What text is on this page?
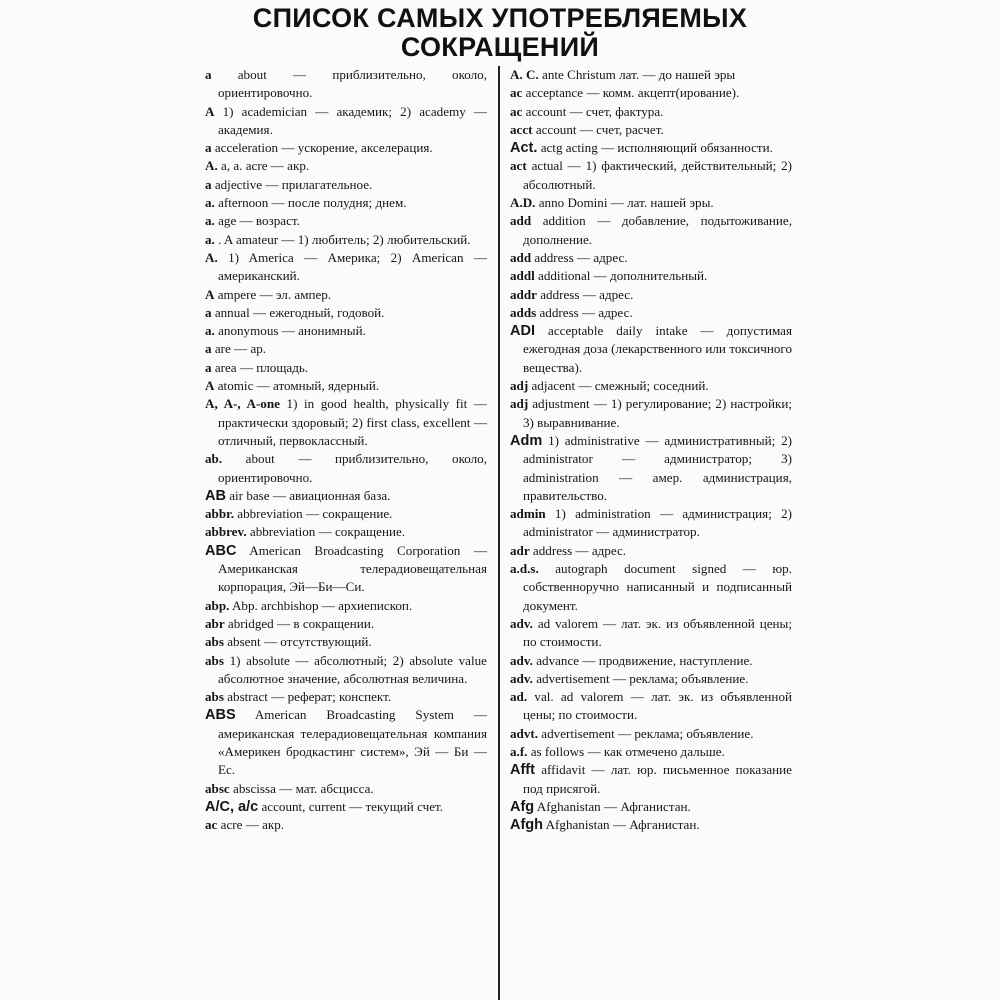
СПИСОК САМЫХ УПОТРЕБЛЯЕМЫХ
СОКРАЩЕНИЙ

a about — приблизительно, около, ориентировочно.

A 1) academician — академик; 2) academy — академия.

a acceleration — ускорение, акселерация.

A. a, a. acre — акр.

a adjective — прилагательное.

a. afternoon — после полудня; днем.

a. age — возраст.

a. . A amateur — 1) любитель; 2) любительский.

A. 1) America — Америка; 2) American — американский.

A ampere — эл. ампер.

a annual — ежегодный, годовой.

a. anonymous — анонимный.

a are — ар.

a area — площадь.

A atomic — атомный, ядерный.

A, A-, A-one 1) in good health, physically fit — практически здоровый; 2) first class, excellent — отличный, первоклассный.

ab. about — приблизительно, около, ориентировочно.

AB air base — авиационная база.

abbr. abbreviation — сокращение.

abbrev. abbreviation — сокращение.

ABC American Broadcasting Corporation — Американская телерадиовещательная корпорация, Эй—Би—Си.

abp. Abp. archbishop — архиепископ.

abr abridged — в сокращении.

abs absent — отсутствующий.

abs 1) absolute — абсолютный; 2) absolute value абсолютное значение, абсолютная величина.

abs abstract — реферат; конспект.

ABS American Broadcasting System — американская телерадиовещательная компания «Америкен бродкастинг систем», Эй — Би — Ес.

absc abscissa — мат. абсцисса.

A/C, a/c account, current — текущий счет.

ac acre — акр.

A. C. ante Christum лат. — до нашей эры

ac acceptance — комм. акцепт(ирование).

ac account — счет, фактура.

acct account — счет, расчет.

Act. actg acting — исполняющий обязанности.

act actual — 1) фактический, действительный; 2) абсолютный.

A.D. anno Domini — лат. нашей эры.

add addition — добавление, подытоживание, дополнение.

add address — адрес.

addl additional — дополнительный.

addr address — адрес.

adds address — адрес.

ADI acceptable daily intake — допустимая ежегодная доза (лекарственного или токсичного вещества).

adj adjacent — смежный; соседний.

adj adjustment — 1) регулирование; 2) настройки; 3) выравнивание.

Adm 1) administrative — административный; 2) administrator — администратор; 3) administration — амер. администрация, правительство.

admin 1) administration — администрация; 2) administrator — администратор.

adr address — адрес.

a.d.s. autograph document signed — юр. собственноручно написанный и подписанный документ.

adv. ad valorem — лат. эк. из объявленной цены; по стоимости.

adv. advance — продвижение, наступление.

adv. advertisement — реклама; объявление.

ad. val. ad valorem — лат. эк. из объявленной цены; по стоимости.

advt. advertisement — реклама; объявление.

a.f. as follows — как отмечено дальше.

Afft affidavit — лат. юр. письменное показание под присягой.

Afg Afghanistan — Афганистан.

Afgh Afghanistan — Афганистан.
